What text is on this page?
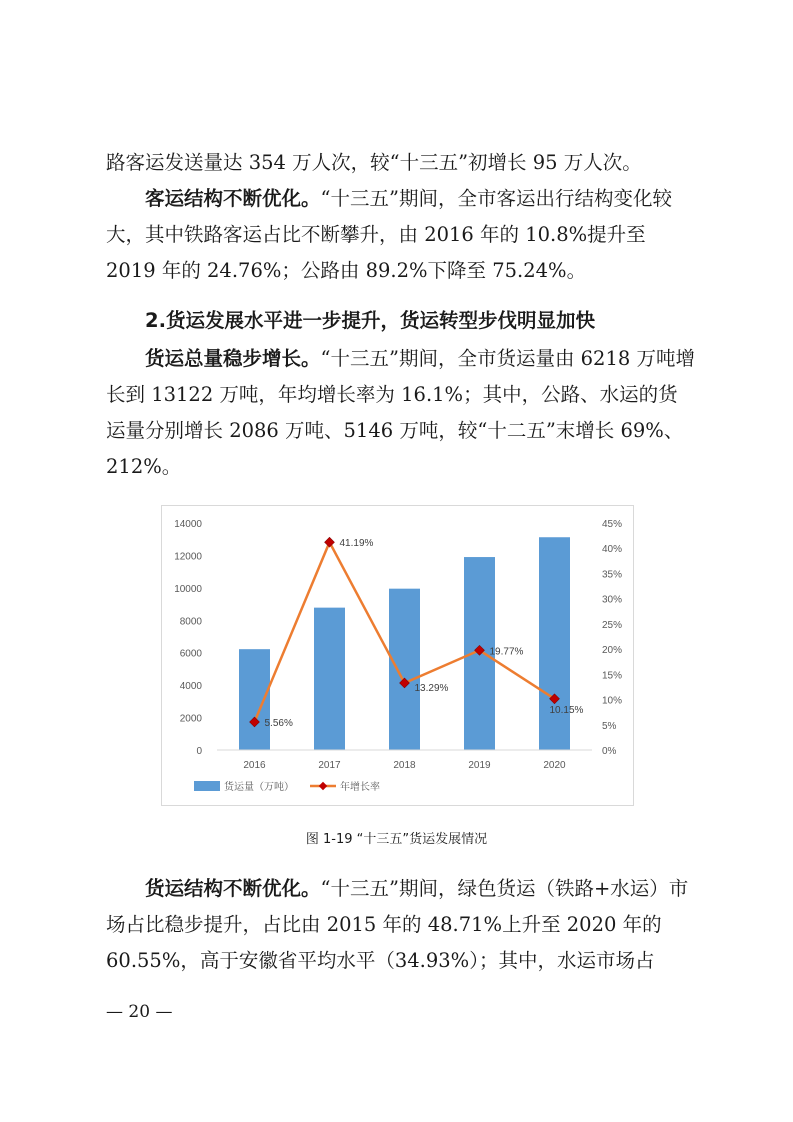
路客运发送量达 354 万人次，较“十三五”初增长 95 万人次。
客运结构不断优化。“十三五”期间，全市客运出行结构变化较大，其中铁路客运占比不断攀升，由 2016 年的 10.8%提升至 2019 年的 24.76%；公路由 89.2%下降至 75.24%。
2.货运发展水平进一步提升，货运转型步伐明显加快
货运总量稳步增长。“十三五”期间，全市货运量由 6218 万吨增长到 13122 万吨，年均增长率为 16.1%；其中，公路、水运的货运量分别增长 2086 万吨、5146 万吨，较“十二五”末增长 69%、212%。
0
2000
4000
6000
8000
10000
12000
14000
0%
5%
10%
15%
20%
25%
30%
35%
40%
45%
2016	2017	2018	2019	2020
5.56%
41.19%
13.29%
19.77%
10.15%
货运量（万吨）	年增长率
图 1-19 “十三五”货运发展情况
货运结构不断优化。“十三五”期间，绿色货运（铁路+水运）市场占比稳步提升，占比由 2015 年的 48.71%上升至 2020 年的 60.55%，高于安徽省平均水平（34.93%）；其中，水运市场占
— 20 —
